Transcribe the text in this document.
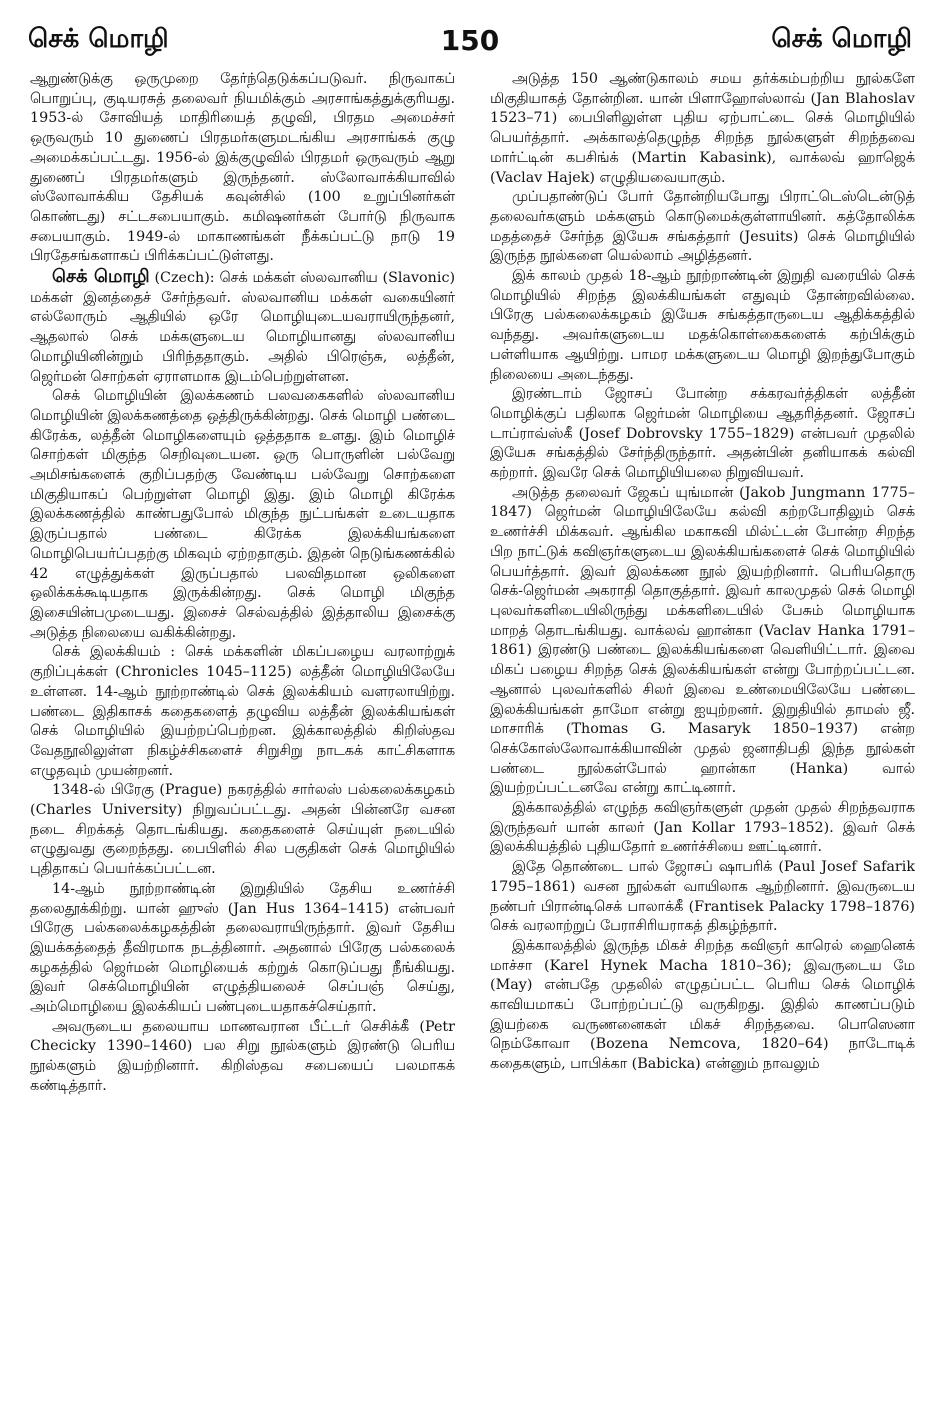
செக் மொழி	150	செக் மொழி

ஆறுண்டுக்கு ஒருமுறை தேர்ந்தெடுக்கப்படுவர். நிருவாகப் பொறுப்பு, குடியரசுத் தலைவர் நியமிக்கும் அரசாங்கத்துக்குரியது. 1953-ல் சோவியத் மாதிரியைத் தழுவி, பிரதம அமைச்சர் ஒருவரும் 10 துணைப் பிரதமர்களுமடங்கிய அரசாங்கக் குழு அமைக்கப்பட்டது. 1956-ல் இக்குழுவில் பிரதமர் ஒருவரும் ஆறு துணைப் பிரதமர்களும் இருந்தனர். ஸ்லோவாக்கியாவில் ஸ்லோவாக்கிய தேசியக் கவுன்சில் (100 உறுப்பினர்கள் கொண்டது) சட்டசபையாகும். கமிஷனர்கள் போர்டு நிருவாக சபையாகும். 1949-ல் மாகாணங்கள் நீக்கப்பட்டு நாடு 19 பிரதேசங்களாகப் பிரிக்கப்பட்டுள்ளது.

செக் மொழி (Czech): செக் மக்கள் ஸ்லவானிய (Slavonic) மக்கள் இனத்தைச் சேர்ந்தவர். ஸ்லவானிய மக்கள் வகையினர் எல்லோரும் ஆதியில் ஒரே மொழியுடையவராயிருந்தனர், ஆதலால் செக் மக்களுடைய மொழியானது ஸ்லவானிய மொழியினின்றும் பிரிந்ததாகும். அதில் பிரெஞ்சு, லத்தீன், ஜெர்மன் சொற்கள் ஏராளமாக இடம்பெற்றுள்ளன.

செக் மொழியின் இலக்கணம் பலவகைகளில் ஸ்லவானிய மொழியின் இலக்கணத்தை ஒத்திருக்கின்றது. செக் மொழி பண்டை கிரேக்க, லத்தீன் மொழிகளையும் ஒத்ததாக உளது. இம் மொழிச் சொற்கள் மிகுந்த செறிவுடையன. ஒரு பொருளின் பல்வேறு அமிசங்களைக் குறிப்பதற்கு வேண்டிய பல்வேறு சொற்களை மிகுதியாகப் பெற்றுள்ள மொழி இது. இம் மொழி கிரேக்க இலக்கணத்தில் காண்பதுபோல் மிகுந்த நுட்பங்கள் உடையதாக இருப்பதால் பண்டை கிரேக்க இலக்கியங்களை மொழிபெயர்ப்பதற்கு மிகவும் ஏற்றதாகும். இதன் நெடுங்கணக்கில் 42 எழுத்துக்கள் இருப்பதால் பலவிதமான ஒலிகளை ஒலிக்கக்கூடியதாக இருக்கின்றது. செக் மொழி மிகுந்த இசையின்பமுடையது. இசைச் செல்வத்தில் இத்தாலிய இசைக்கு அடுத்த நிலையை வகிக்கின்றது.

செக் இலக்கியம் : செக் மக்களின் மிகப்பழைய வரலாற்றுக் குறிப்புக்கள் (Chronicles 1045–1125) லத்தீன் மொழியிலேயே உள்ளன. 14-ஆம் நூற்றாண்டில் செக் இலக்கியம் வளரலாயிற்று. பண்டை இதிகாசக் கதைகளைத் தழுவிய லத்தீன் இலக்கியங்கள் செக் மொழியில் இயற்றப்பெற்றன. இக்காலத்தில் கிறிஸ்தவ வேதநூலிலுள்ள நிகழ்ச்சிகளைச் சிறுசிறு நாடகக் காட்சிகளாக எழுதவும் முயன்றனர்.

1348-ல் பிரேகு (Prague) நகரத்தில் சார்லஸ் பல்கலைக்கழகம் (Charles University) நிறுவப்பட்டது. அதன் பின்னரே வசன நடை சிறக்கத் தொடங்கியது. கதைகளைச் செய்யுள் நடையில் எழுதுவது குறைந்தது. பைபிளில் சில பகுதிகள் செக் மொழியில் புதிதாகப் பெயர்க்கப்பட்டன.

14-ஆம் நூற்றாண்டின் இறுதியில் தேசிய உணர்ச்சி தலைதூக்கிற்று. யான் ஹுஸ் (Jan Hus 1364–1415) என்பவர் பிரேகு பல்கலைக்கழகத்தின் தலைவராயிருந்தார். இவர் தேசிய இயக்கத்தைத் தீவிரமாக நடத்தினார். அதனால் பிரேகு பல்கலைக் கழகத்தில் ஜெர்மன் மொழியைக் கற்றுக் கொடுப்பது நீங்கியது. இவர் செக்மொழியின் எழுத்தியலைச் செப்பஞ் செய்து, அம்மொழியை இலக்கியப் பண்புடையதாகச்செய்தார்.

அவருடைய தலையாய மாணவரான பீட்டர் செசிக்கீ (Petr Checicky 1390–1460) பல சிறு நூல்களும் இரண்டு பெரிய நூல்களும் இயற்றினார். கிறிஸ்தவ சபையைப் பலமாகக் கண்டித்தார்.

அடுத்த 150 ஆண்டுகாலம் சமய தர்க்கம்பற்றிய நூல்களே மிகுதியாகத் தோன்றின. யான் பிளாஹோஸ்லாவ் (Jan Blahoslav 1523–71) பைபிளிலுள்ள புதிய ஏற்பாட்டை செக் மொழியில் பெயர்த்தார். அக்காலத்தெழுந்த சிறந்த நூல்களுள் சிறந்தவை மார்ட்டின் கபசிங்க் (Martin Kabasink), வாக்லவ் ஹாஜெக் (Vaclav Hajek) எழுதியவையாகும்.

முப்பதாண்டுப் போர் தோன்றியபோது பிராட்டெஸ்டென்டுத் தலைவர்களும் மக்களும் கொடுமைக்குள்ளாயினர். கத்தோலிக்க மதத்தைச் சேர்ந்த இயேசு சங்கத்தார் (Jesuits) செக் மொழியில் இருந்த நூல்களை யெல்லாம் அழித்தனர்.

இக் காலம் முதல் 18-ஆம் நூற்றாண்டின் இறுதி வரையில் செக் மொழியில் சிறந்த இலக்கியங்கள் எதுவும் தோன்றவில்லை. பிரேகு பல்கலைக்கழகம் இயேசு சங்கத்தாருடைய ஆதிக்கத்தில் வந்தது. அவர்களுடைய மதக்கொள்கைகளைக் கற்பிக்கும் பள்ளியாக ஆயிற்று. பாமர மக்களுடைய மொழி இறந்துபோகும் நிலையை அடைந்தது.

இரண்டாம் ஜோசப் போன்ற சக்கரவர்த்திகள் லத்தீன் மொழிக்குப் பதிலாக ஜெர்மன் மொழியை ஆதரித்தனர். ஜோசப் டாப்ராவ்ஸ்கீ (Josef Dobrovsky 1755–1829) என்பவர் முதலில் இயேசு சங்கத்தில் சேர்ந்திருந்தார். அதன்பின் தனியாகக் கல்வி கற்றார். இவரே செக் மொழியியலை நிறுவியவர்.

அடுத்த தலைவர் ஜேகப் யுங்மான் (Jakob Jungmann 1775–1847) ஜெர்மன் மொழியிலேயே கல்வி கற்றபோதிலும் செக் உணர்ச்சி மிக்கவர். ஆங்கில மகாகவி மில்ட்டன் போன்ற சிறந்த பிற நாட்டுக் கவிஞர்களுடைய இலக்கியங்களைச் செக் மொழியில் பெயர்த்தார். இவர் இலக்கண நூல் இயற்றினார். பெரியதொரு செக்-ஜெர்மன் அகராதி தொகுத்தார். இவர் காலமுதல் செக் மொழி புலவர்களிடையிலிருந்து மக்களிடையில் பேசும் மொழியாக மாறத் தொடங்கியது. வாக்லவ் ஹான்கா (Vaclav Hanka 1791–1861) இரண்டு பண்டை இலக்கியங்களை வெளியிட்டார். இவை மிகப் பழைய சிறந்த செக் இலக்கியங்கள் என்று போற்றப்பட்டன. ஆனால் புலவர்களில் சிலர் இவை உண்மையிலேயே பண்டை இலக்கியங்கள் தாமோ என்று ஐயுற்றனர். இறுதியில் தாமஸ் ஜீ. மாசாரிக் (Thomas G. Masaryk 1850–1937) என்ற செக்கோஸ்லோவாக்கியாவின் முதல் ஜனாதிபதி இந்த நூல்கள் பண்டை நூல்கள்போல் ஹான்கா (Hanka) வால் இயற்றப்பட்டனவே என்று காட்டினார்.

இக்காலத்தில் எழுந்த கவிஞர்களுள் முதன் முதல் சிறந்தவராக இருந்தவர் யான் காலர் (Jan Kollar 1793–1852). இவர் செக் இலக்கியத்தில் புதியதோர் உணர்ச்சியை ஊட்டினார்.

இதே தொண்டை பால் ஜோசப் ஷாபரிக் (Paul Josef Safarik 1795–1861) வசன நூல்கள் வாயிலாக ஆற்றினார். இவருடைய நண்பர் பிரான்டிசெக் பாலாக்கீ (Frantisek Palacky 1798–1876) செக் வரலாற்றுப் பேராசிரியராகத் திகழ்ந்தார்.

இக்காலத்தில் இருந்த மிகச் சிறந்த கவிஞர் காரெல் ஹைனெக் மாச்சா (Karel Hynek Macha 1810–36); இவருடைய மே (May) என்பதே முதலில் எழுதப்பட்ட பெரிய செக் மொழிக் காவியமாகப் போற்றப்பட்டு வருகிறது. இதில் காணப்படும் இயற்கை வருணனைகள் மிகச் சிறந்தவை. பொஸெனா நெம்கோவா (Bozena Nemcova, 1820–64) நாடோடிக் கதைகளும், பாபிக்கா (Babicka) என்னும் நாவலும்
